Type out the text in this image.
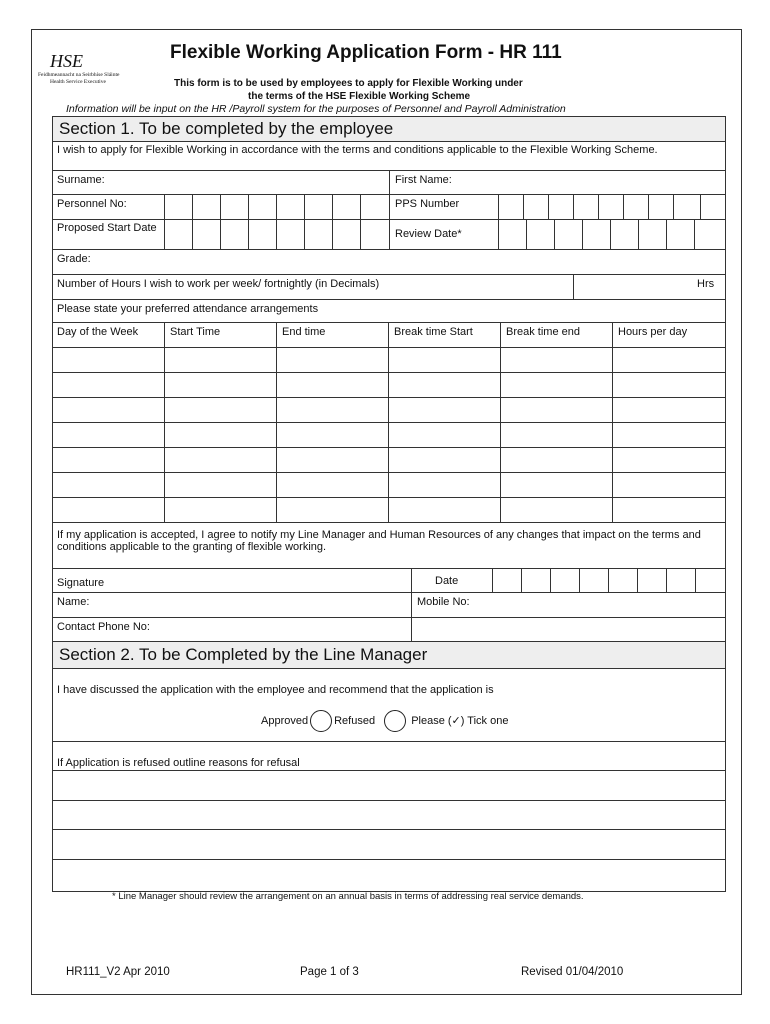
HSE
Feidhmeannacht na Seirbhíse Sláinte
Health Service Executive
Flexible Working Application Form - HR 111
This form is to be used by employees to apply for Flexible Working under
the terms of the HSE Flexible Working Scheme
Information will be input on the HR /Payroll system for the purposes of Personnel and Payroll Administration
Section 1. To be completed by the employee
I wish to apply for Flexible Working in accordance with the terms and conditions applicable to the Flexible Working Scheme.
Surname:	First Name:
Personnel No:	PPS Number
Proposed Start Date	Review Date*
Grade:
Number of Hours I wish to work per week/ fortnightly (in Decimals)	Hrs
Please state your preferred attendance arrangements
Day of the Week	Start Time	End time	Break time Start	Break time end	Hours per day
If my application is accepted, I agree to notify my Line Manager and Human Resources of any changes that impact on the terms and conditions applicable to the granting of flexible working.
Signature	Date
Name:	Mobile No:
Contact Phone No:
Section 2. To be Completed by the Line Manager
I have discussed the application with the employee and recommend that the application is
Approved Refused	Please (✓) Tick one
If Application is refused outline reasons for refusal
* Line Manager should review the arrangement on an annual basis in terms of addressing real service demands.
HR111_V2 Apr 2010	Page 1 of 3	Revised 01/04/2010
